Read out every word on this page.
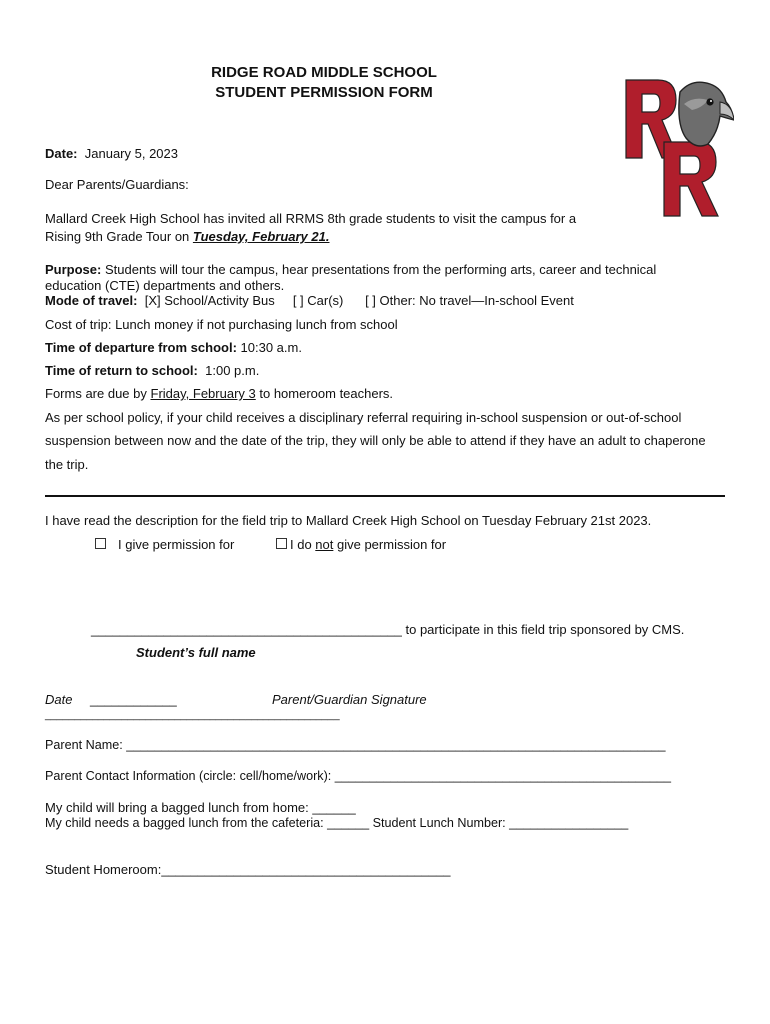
RIDGE ROAD MIDDLE SCHOOL
STUDENT PERMISSION FORM
Date: January 5, 2023
Dear Parents/Guardians:
Mallard Creek High School has invited all RRMS 8th grade students to visit the campus for a
Rising 9th Grade Tour on Tuesday, February 21.
Purpose: Students will tour the campus, hear presentations from the performing arts, career and technical
education (CTE) departments and others.
Mode of travel: [X] School/Activity Bus [ ] Car(s) [ ] Other: No travel—In-school Event
Cost of trip: Lunch money if not purchasing lunch from school
Time of departure from school: 10:30 a.m.
Time of return to school: 1:00 p.m.
Forms are due by Friday, February 3 to homeroom teachers.
As per school policy, if your child receives a disciplinary referral requiring in-school suspension or out-of-school
suspension between now and the date of the trip, they will only be able to attend if they have an adult to chaperone
the trip.
I have read the description for the field trip to Mallard Creek High School on Tuesday February 21st 2023.
I give permission for	I do not give permission for
___________________________________________ to participate in this field trip sponsored by CMS.
Student’s full name
Date ____________	Parent/Guardian Signature
__________________________________________________
Parent Name: _____________________________________________________________________________
Parent Contact Information (circle: cell/home/work): ________________________________________________
My child will bring a bagged lunch from home: ______
My child needs a bagged lunch from the cafeteria: ______ Student Lunch Number: _________________
Student Homeroom:________________________________________
